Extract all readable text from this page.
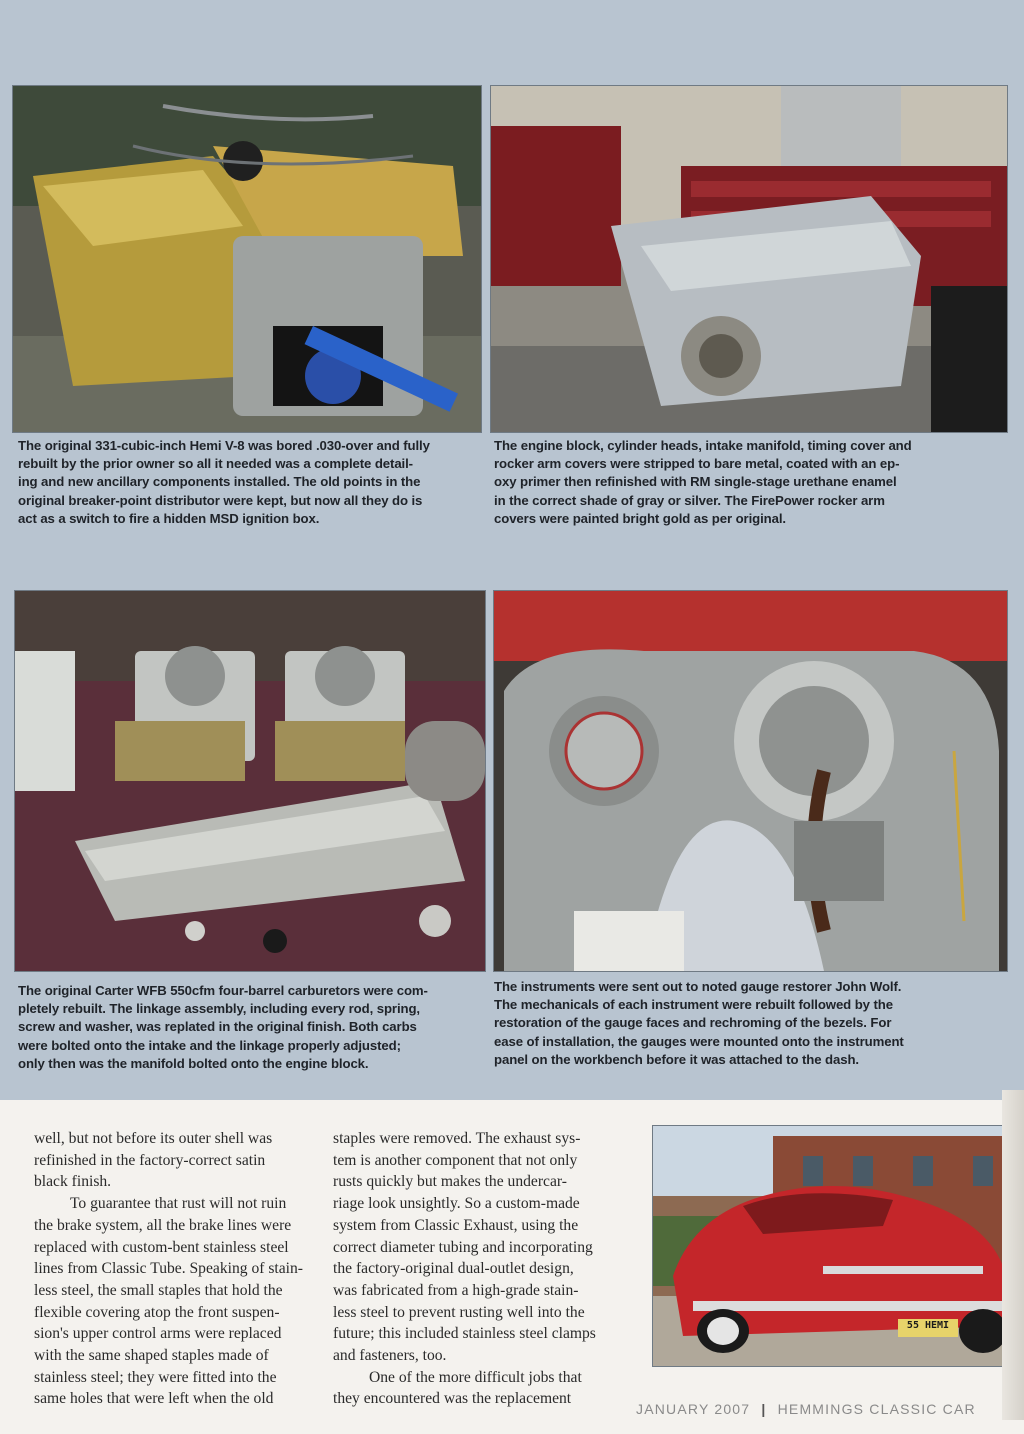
The original 331-cubic-inch Hemi V-8 was bored .030-over and fully
rebuilt by the prior owner so all it needed was a complete detail-
ing and new ancillary components installed. The old points in the
original breaker-point distributor were kept, but now all they do is
act as a switch to fire a hidden MSD ignition box.
The engine block, cylinder heads, intake manifold, timing cover and
rocker arm covers were stripped to bare metal, coated with an ep-
oxy primer then refinished with RM single-stage urethane enamel
in the correct shade of gray or silver. The FirePower rocker arm
covers were painted bright gold as per original.
The original Carter WFB 550cfm four-barrel carburetors were com-
pletely rebuilt. The linkage assembly, including every rod, spring,
screw and washer, was replated in the original finish. Both carbs
were bolted onto the intake and the linkage properly adjusted;
only then was the manifold bolted onto the engine block.
The instruments were sent out to noted gauge restorer John Wolf.
The mechanicals of each instrument were rebuilt followed by the
restoration of the gauge faces and rechroming of the bezels. For
ease of installation, the gauges were mounted onto the instrument
panel on the workbench before it was attached to the dash.

well, but not before its outer shell was

refinished in the factory-correct satin

black finish.

To guarantee that rust will not ruin

the brake system, all the brake lines were

replaced with custom-bent stainless steel

lines from Classic Tube. Speaking of stain-

less steel, the small staples that hold the

flexible covering atop the front suspen-

sion's upper control arms were replaced

with the same shaped staples made of

stainless steel; they were fitted into the

same holes that were left when the old

staples were removed. The exhaust sys-

tem is another component that not only

rusts quickly but makes the undercar-

riage look unsightly. So a custom-made

system from Classic Exhaust, using the

correct diameter tubing and incorporating

the factory-original dual-outlet design,

was fabricated from a high-grade stain-

less steel to prevent rusting well into the

future; this included stainless steel clamps

and fasteners, too.

One of the more difficult jobs that

they encountered was the replacement

55 HEMI
JANUARY 2007 | HEMMINGS CLASSIC CAR
